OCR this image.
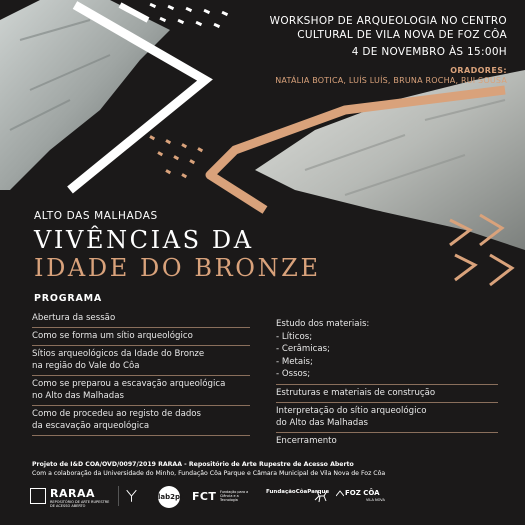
WORKSHOP DE ARQUEOLOGIA NO CENTRO
CULTURAL DE VILA NOVA DE FOZ CÔA
4 DE NOVEMBRO ÀS 15:00H
ORADORES:
NATÁLIA BOTICA, LUÍS LUÍS, BRUNA ROCHA, RUI SOUSA
ALTO DAS MALHADAS
VIVÊNCIAS DA
IDADE DO BRONZE
PROGRAMA
Abertura da sessão
Como se forma um sítio arqueológico
Sítios arqueológicos da Idade do Bronze
na região do Vale do Côa
Como se preparou a escavação arqueológica
no Alto das Malhadas
Como de procedeu ao registo de dados
da escavação arqueológica
Estudo dos materiais:
- Líticos;
- Cerâmicas;
- Metais;
- Ossos;
Estruturas e materiais de construção
Interpretação do sítio arqueológico
do Alto das Malhadas
Encerramento
Projeto de I&D COA/OVD/0097/2019 RARAA - Repositório de Arte Rupestre de Acesso Aberto
Com a colaboração da Universidade do Minho, Fundação Côa Parque e Câmara Municipal de Vila Nova de Foz Côa
RARAA
REPOSITÓRIO DE ARTE RUPESTRE DE ACESSO ABERTO
lab2pt FCT Fundação para a Ciência e a Tecnologia
FundaçãoCôaParque FOZ CÔA
VILA NOVA
